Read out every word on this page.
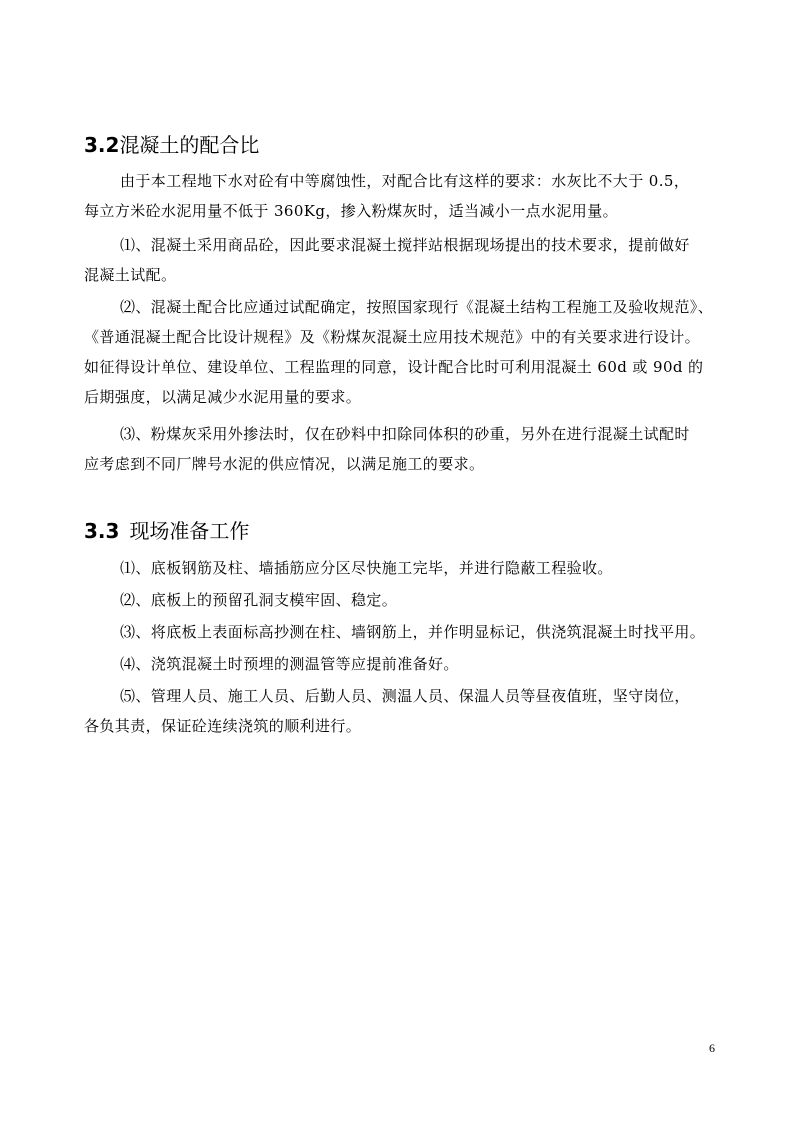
3.2混凝土的配合比
由于本工程地下水对砼有中等腐蚀性，对配合比有这样的要求：水灰比不大于 0.5，
每立方米砼水泥用量不低于 360Kg，掺入粉煤灰时，适当减小一点水泥用量。
⑴、混凝土采用商品砼，因此要求混凝土搅拌站根据现场提出的技术要求，提前做好
混凝土试配。
⑵、混凝土配合比应通过试配确定，按照国家现行《混凝土结构工程施工及验收规范》、
《普通混凝土配合比设计规程》及《粉煤灰混凝土应用技术规范》中的有关要求进行设计。
如征得设计单位、建设单位、工程监理的同意，设计配合比时可利用混凝土 60d 或 90d 的
后期强度，以满足减少水泥用量的要求。
⑶、粉煤灰采用外掺法时，仅在砂料中扣除同体积的砂重，另外在进行混凝土试配时
应考虑到不同厂牌号水泥的供应情况，以满足施工的要求。
3.3 现场准备工作
⑴、底板钢筋及柱、墙插筋应分区尽快施工完毕，并进行隐蔽工程验收。
⑵、底板上的预留孔洞支模牢固、稳定。
⑶、将底板上表面标高抄测在柱、墙钢筋上，并作明显标记，供浇筑混凝土时找平用。
⑷、浇筑混凝土时预埋的测温管等应提前准备好。
⑸、管理人员、施工人员、后勤人员、测温人员、保温人员等昼夜值班，坚守岗位，
各负其责，保证砼连续浇筑的顺利进行。
6
